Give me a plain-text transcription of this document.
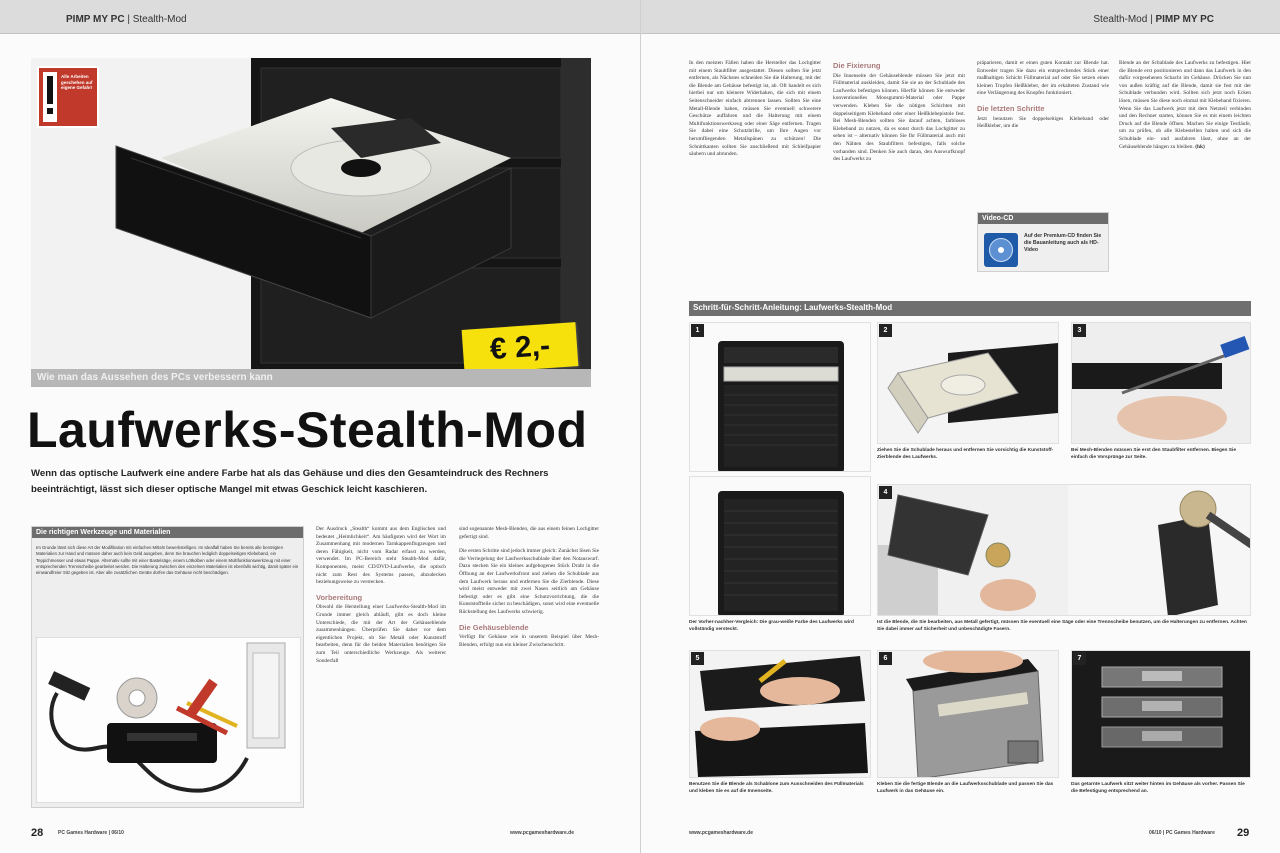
PIMP MY PC | Stealth-Mod
Alle Arbeiten geschehen auf eigene Gefahr!
€ 2,-
Wie man das Aussehen des PCs verbessern kann
Laufwerks-Stealth-Mod
Wenn das optische Laufwerk eine andere Farbe hat als das Gehäuse und dies den Gesamteindruck des Rechners beeinträchtigt, lässt sich dieser optische Mangel mit etwas Geschick leicht kaschieren.
Die richtigen Werkzeuge und Materialien
Im Grunde lässt sich diese Art der Modifikation mit einfachen Mitteln bewerkstelligen. Im Idealfall haben Sie bereits alle benötigten Materialien zur Hand und müssen daher auch kein Geld ausgeben, denn Sie brauchen lediglich doppelseitiges Klebeband, ein Teppichmesser und etwas Pappe. Alternativ sollte mit einer Bastelsäge, einem Lötkolben oder einem Multifunktionswerkzeug mit einer entsprechenden Trennscheibe gearbeitet werden. Die Halterung zwischen den einzelnen Materialien ist ebenfalls wichtig, damit später ein einwandfreier Sitz gegeben ist. Aber alle zusätzlichen Geräte dürfen das Gehäuse nicht beschädigen.

Der Ausdruck „Stealth“ kommt aus dem Englischen und bedeutet „Heimlichkeit“. Am häufigsten wird der Wort im Zusammenhang mit modernen Tarnkappenflugzeugen und deren Fähigkeit, nicht vom Radar erfasst zu werden, verwendet. Im PC-Bereich steht Stealth-Mod dafür, Komponenten, meist CD/DVD-Laufwerke, die optisch nicht zum Rest des Systems passen, abzudecken beziehungsweise zu verstecken.

Vorbereitung

Obwohl die Herstellung einer Laufwerks-Stealth-Mod im Grunde immer gleich abläuft, gibt es doch kleine Unterschiede, die mit der Art der Gehäuseblende zusammenhängen. Überprüfen Sie daher vor dem eigentlichen Projekt, ob Sie Metall oder Kunststoff bearbeiten, denn für die beiden Materialien benötigen Sie zum Teil unterschiedliche Werkzeuge. Als weiterer Sonderfall

sind sogenannte Mesh-Blenden, die aus einem feinen Lochgitter gefertigt sind.

Die ersten Schritte sind jedoch immer gleich: Zunächst lösen Sie die Verriegelung der Laufwerksschublade über den Notauswurf. Dazu stecken Sie ein kleines aufgebogenes Stück Draht in die Öffnung an der Laufwerksfront und ziehen die Schublade aus dem Laufwerk heraus und entfernen Sie die Zierblende. Diese wird meist entweder mit zwei Nasen seitlich am Gehäuse befestigt oder es gibt eine Schutzvorrichtung, die die Kunststoffteile sicher zu beschädigen, sonst wird eine eventuelle Rückstellung des Laufwerks schwierig.

Die Gehäuseblende

Verfügt Ihr Gehäuse wie in unserem Beispiel über Mesh-Blenden, erfolgt nun ein kleiner Zwischenschritt.

28	PC Games Hardware | 06/10	www.pcgameshardware.de
Stealth-Mod | PIMP MY PC

In den meisten Fällen haben die Hersteller das Lochgitter mit einem Staubfilter ausgestattet. Diesen sollten Sie jetzt entfernen, als Nächstes schneiden Sie die Halterung, mit der die Blende am Gehäuse befestigt ist, ab. Oft handelt es sich hierbei nur um kleinere Widerhaken, die sich mit einem Seitenschneider einfach abtrennen lassen. Sollten Sie eine Metall-Blende haben, müssen Sie eventuell schwerere Geschütze auffahren und die Halterung mit einem Multifunktionswerkzeug oder einer Säge entfernen. Tragen Sie dabei eine Schutzbrille, um Ihre Augen vor herumfliegenden Metallspänen zu schützen! Die Schnittkanten sollten Sie anschließend mit Schleifpapier säubern und abrunden.

Die Fixierung

Die Innenseite der Gehäuseblende müssen Sie jetzt mit Füllmaterial auskleiden, damit Sie sie an der Schublade des Laufwerks befestigen können. Hierfür können Sie entweder konventionelles Moosgummi-Material oder Pappe verwenden. Kleben Sie die nötigen Schichten mit doppelseitigem Klebeband oder einer Heißklebepistole fest. Bei Mesh-Blenden sollten Sie darauf achten, farbloses Klebeband zu nutzen, da es sonst durch das Lochgitter zu sehen ist – alternativ können Sie Ihr Füllmaterial auch mit den Nähten des Staubfilters befestigen, falls solche vorhanden sind. Denken Sie auch daran, den Auswurfknopf des Laufwerks zu

präparieren, damit er einen guten Kontakt zur Blende hat. Entweder tragen Sie dazu ein entsprechendes Stück einer maßhaltigen Schicht Füllmaterial auf oder Sie setzen einen kleinen Tropfen Heißkleber, der im erkalteten Zustand wie eine Verlängerung des Knopfes funktioniert.

Die letzten Schritte

Jetzt benutzen Sie doppelseitiges Klebeband oder Heißkleber, um die

Video-CD
Auf der Premium-CD finden Sie die Bauanleitung auch als HD-Video

Blende an der Schublade des Laufwerks zu befestigen. Hier die Blende erst positionieren und dann das Laufwerk in den dafür vorgesehenen Schacht im Gehäuse. Drücken Sie nun von außen kräftig auf die Blende, damit sie fest mit der Schublade verbunden wird. Sollten sich jetzt noch Ecken lösen, müssen Sie diese noch einmal mit Klebeband fixieren. Wenn Sie das Laufwerk jetzt mit dem Netzteil verbinden und den Rechner starten, können Sie es mit einem leichten Druck auf die Blende öffnen. Machen Sie einige Testläufe, um zu prüfen, ob alle Klebestellen halten und sich die Schublade ein- und ausfahren lässt, ohne an der Gehäuseblende hängen zu bleiben. (hk)

Schritt-für-Schritt-Anleitung: Laufwerks-Stealth-Mod
1
Der Vorher-nachher-Vergleich: Die grau-weiße Farbe des Laufwerks wird vollständig versteckt.
2
Ziehen Sie die Schublade heraus und entfernen Sie vorsichtig die Kunststoff-Zierblende des Laufwerks.
3
Bei Mesh-Blenden müssen Sie erst den Staubfilter entfernen. Biegen Sie einfach die Vorsprünge zur Seite.
4
Ist die Blende, die Sie bearbeiten, aus Metall gefertigt, müssen Sie eventuell eine Säge oder eine Trennscheibe benutzen, um die Halterungen zu entfernen. Achten Sie dabei immer auf Sicherheit und unbeschädigte Fasern.
5
Benutzen Sie die Blende als Schablone zum Ausschneiden des Füllmaterials und kleben Sie es auf die Innenseite.
6
Kleben Sie die fertige Blende an die Laufwerksschublade und passen Sie das Laufwerk in das Gehäuse ein.
7
Das getarnte Laufwerk sitzt weiter hinten im Gehäuse als vorher. Passen Sie die Befestigung entsprechend an.
www.pcgameshardware.de	06/10 | PC Games Hardware 29
